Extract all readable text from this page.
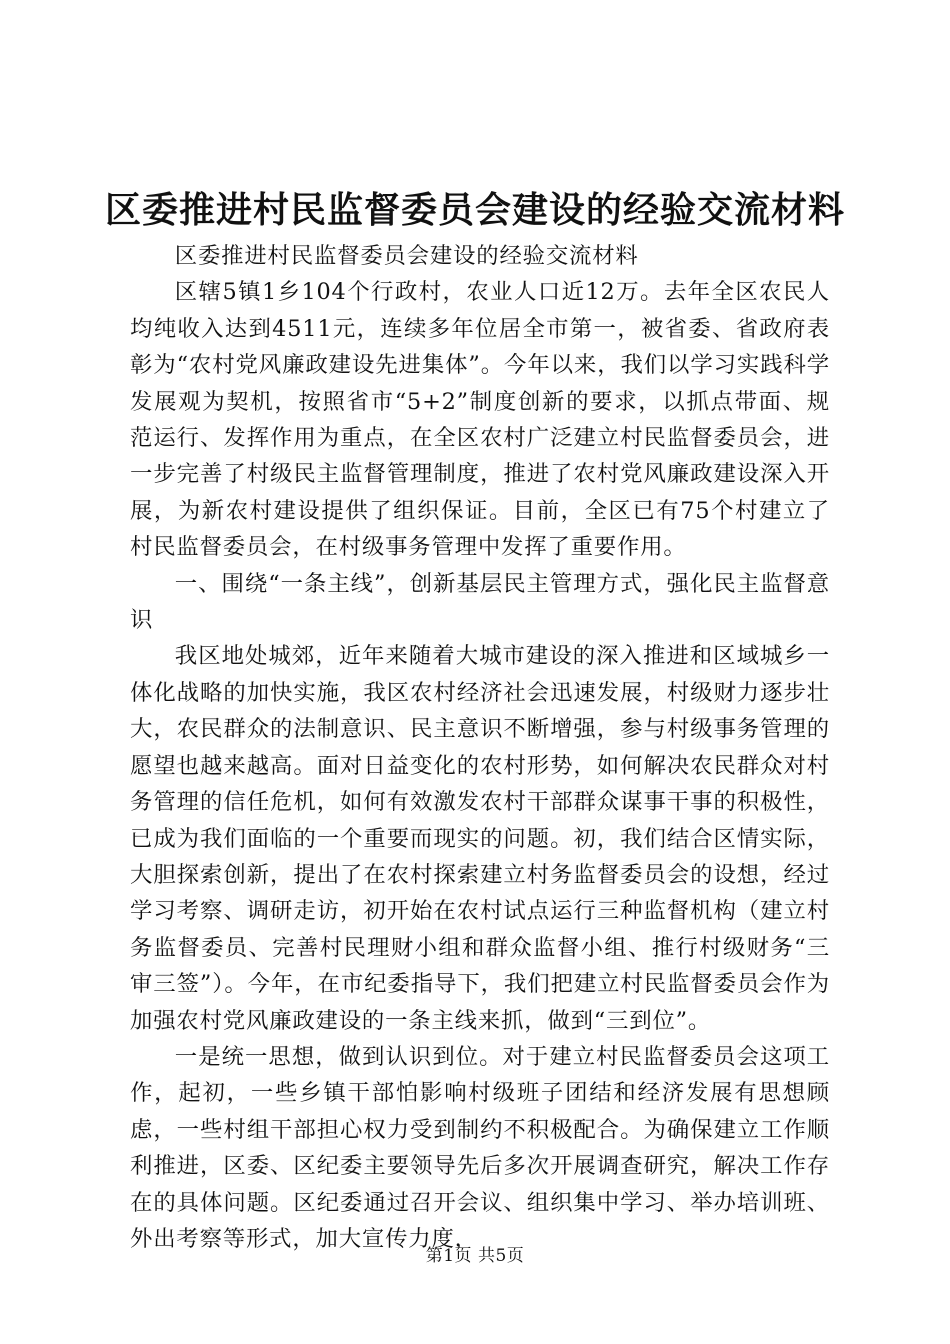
区委推进村民监督委员会建设的经验交流材料

区委推进村民监督委员会建设的经验交流材料

区辖5镇1乡104个行政村，农业人口近12万。去年全区农民人均纯收入达到4511元，连续多年位居全市第一，被省委、省政府表彰为“农村党风廉政建设先进集体”。今年以来，我们以学习实践科学发展观为契机，按照省市“5+2”制度创新的要求，以抓点带面、规范运行、发挥作用为重点，在全区农村广泛建立村民监督委员会，进一步完善了村级民主监督管理制度，推进了农村党风廉政建设深入开展，为新农村建设提供了组织保证。目前，全区已有75个村建立了村民监督委员会，在村级事务管理中发挥了重要作用。

一、围绕“一条主线”，创新基层民主管理方式，强化民主监督意识

我区地处城郊，近年来随着大城市建设的深入推进和区域城乡一体化战略的加快实施，我区农村经济社会迅速发展，村级财力逐步壮大，农民群众的法制意识、民主意识不断增强，参与村级事务管理的愿望也越来越高。面对日益变化的农村形势，如何解决农民群众对村务管理的信任危机，如何有效激发农村干部群众谋事干事的积极性，已成为我们面临的一个重要而现实的问题。初，我们结合区情实际，大胆探索创新，提出了在农村探索建立村务监督委员会的设想，经过学习考察、调研走访，初开始在农村试点运行三种监督机构（建立村务监督委员、完善村民理财小组和群众监督小组、推行村级财务“三审三签”）。今年，在市纪委指导下，我们把建立村民监督委员会作为加强农村党风廉政建设的一条主线来抓，做到“三到位”。

一是统一思想，做到认识到位。对于建立村民监督委员会这项工作，起初，一些乡镇干部怕影响村级班子团结和经济发展有思想顾虑，一些村组干部担心权力受到制约不积极配合。为确保建立工作顺利推进，区委、区纪委主要领导先后多次开展调查研究，解决工作存在的具体问题。区纪委通过召开会议、组织集中学习、举办培训班、外出考察等形式，加大宣传力度，

第1页 共5页
